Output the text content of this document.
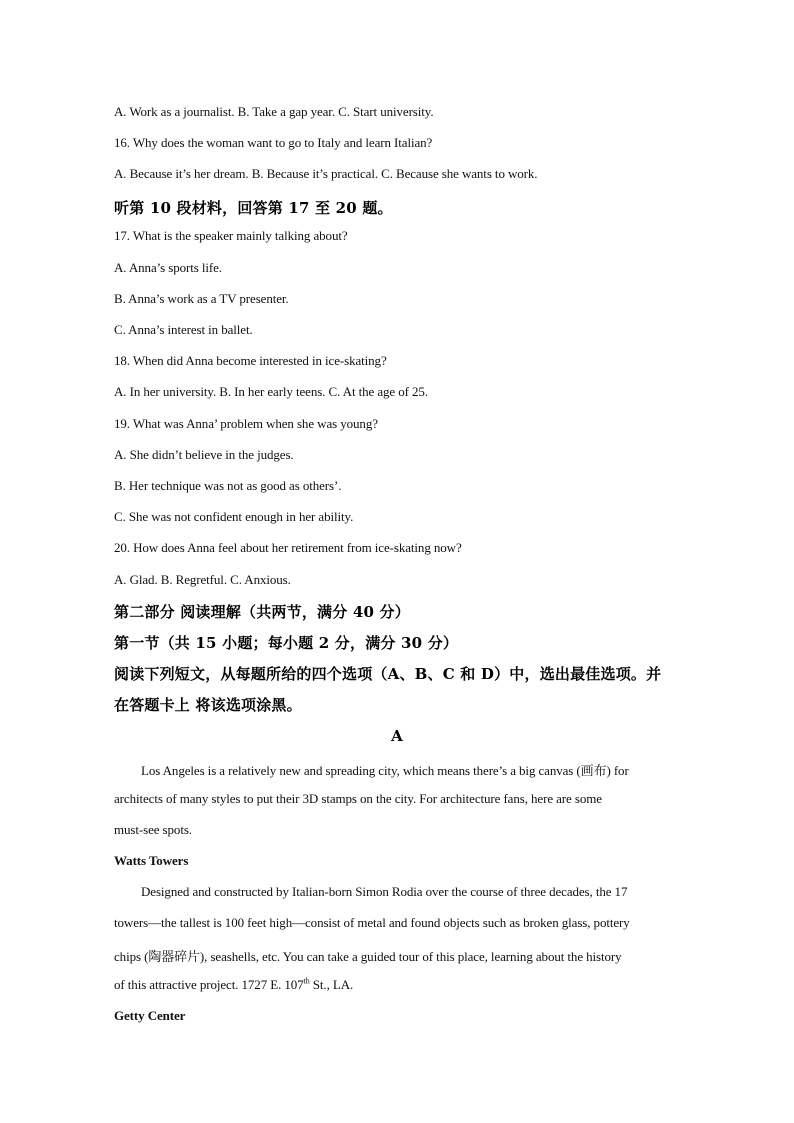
A. Work as a journalist. B. Take a gap year. C. Start university.
16. Why does the woman want to go to Italy and learn Italian?
A. Because it’s her dream. B. Because it’s practical. C. Because she wants to work.
听第 10 段材料，回答第 17 至 20 题。
17. What is the speaker mainly talking about?
A. Anna’s sports life.
B. Anna’s work as a TV presenter.
C. Anna’s interest in ballet.
18. When did Anna become interested in ice-skating?
A. In her university. B. In her early teens. C. At the age of 25.
19. What was Anna’ problem when she was young?
A. She didn’t believe in the judges.
B. Her technique was not as good as others’.
C. She was not confident enough in her ability.
20. How does Anna feel about her retirement from ice-skating now?
A. Glad. B. Regretful. C. Anxious.
第二部分 阅读理解（共两节，满分 40 分）
第一节（共 15 小题；每小题 2 分，满分 30 分）
阅读下列短文，从每题所给的四个选项（A、B、C 和 D）中，选出最佳选项。并
在答题卡上 将该选项涂黑。
A
Los Angeles is a relatively new and spreading city, which means there’s a big canvas (画布) for
architects of many styles to put their 3D stamps on the city. For architecture fans, here are some
must-see spots.
Watts Towers
Designed and constructed by Italian-born Simon Rodia over the course of three decades, the 17
towers—the tallest is 100 feet high—consist of metal and found objects such as broken glass, pottery
chips (陶器碎片), seashells, etc. You can take a guided tour of this place, learning about the history
of this attractive project. 1727 E. 107th St., LA.
Getty Center
